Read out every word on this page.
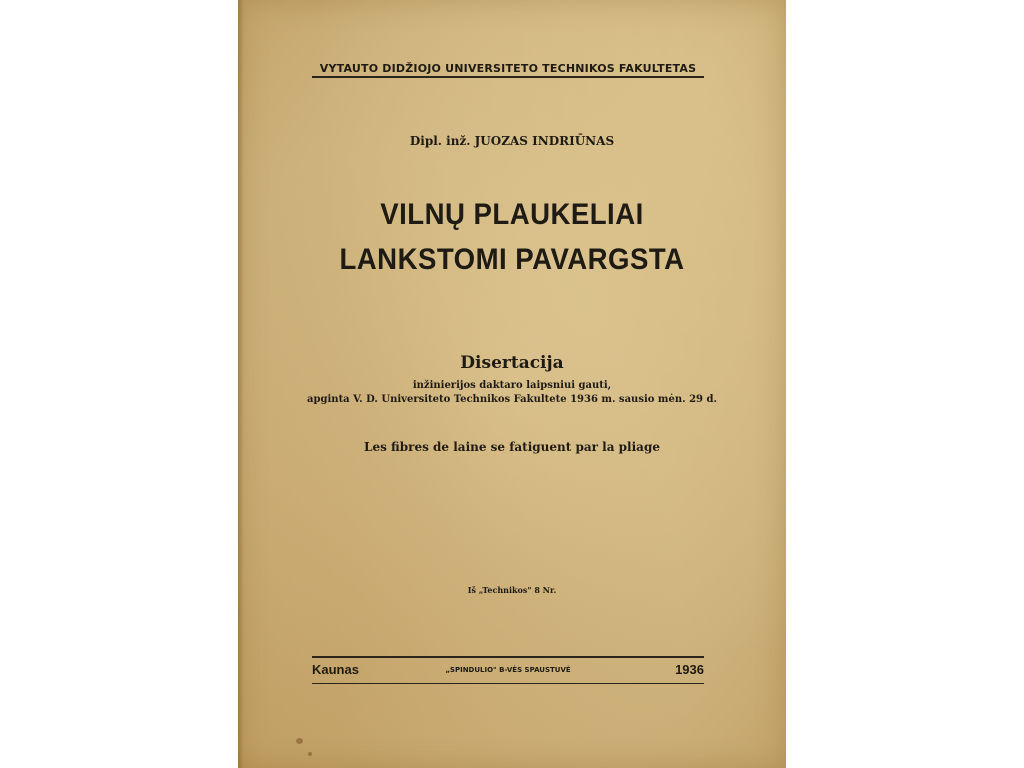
VYTAUTO DIDŽIOJO UNIVERSITETO TECHNIKOS FAKULTETAS
Dipl. inž. JUOZAS INDRIŪNAS
VILNŲ PLAUKELIAI
LANKSTOMI PAVARGSTA
Disertacija
inžinierijos daktaro laipsniui gauti,
apginta V. D. Universiteto Technikos Fakultete 1936 m. sausio mėn. 29 d.
Les fibres de laine se fatiguent par la pliage
Iš „Technikos" 8 Nr.
Kaunas	„SPINDULIO" B-VĖS SPAUSTUVĖ	1936
